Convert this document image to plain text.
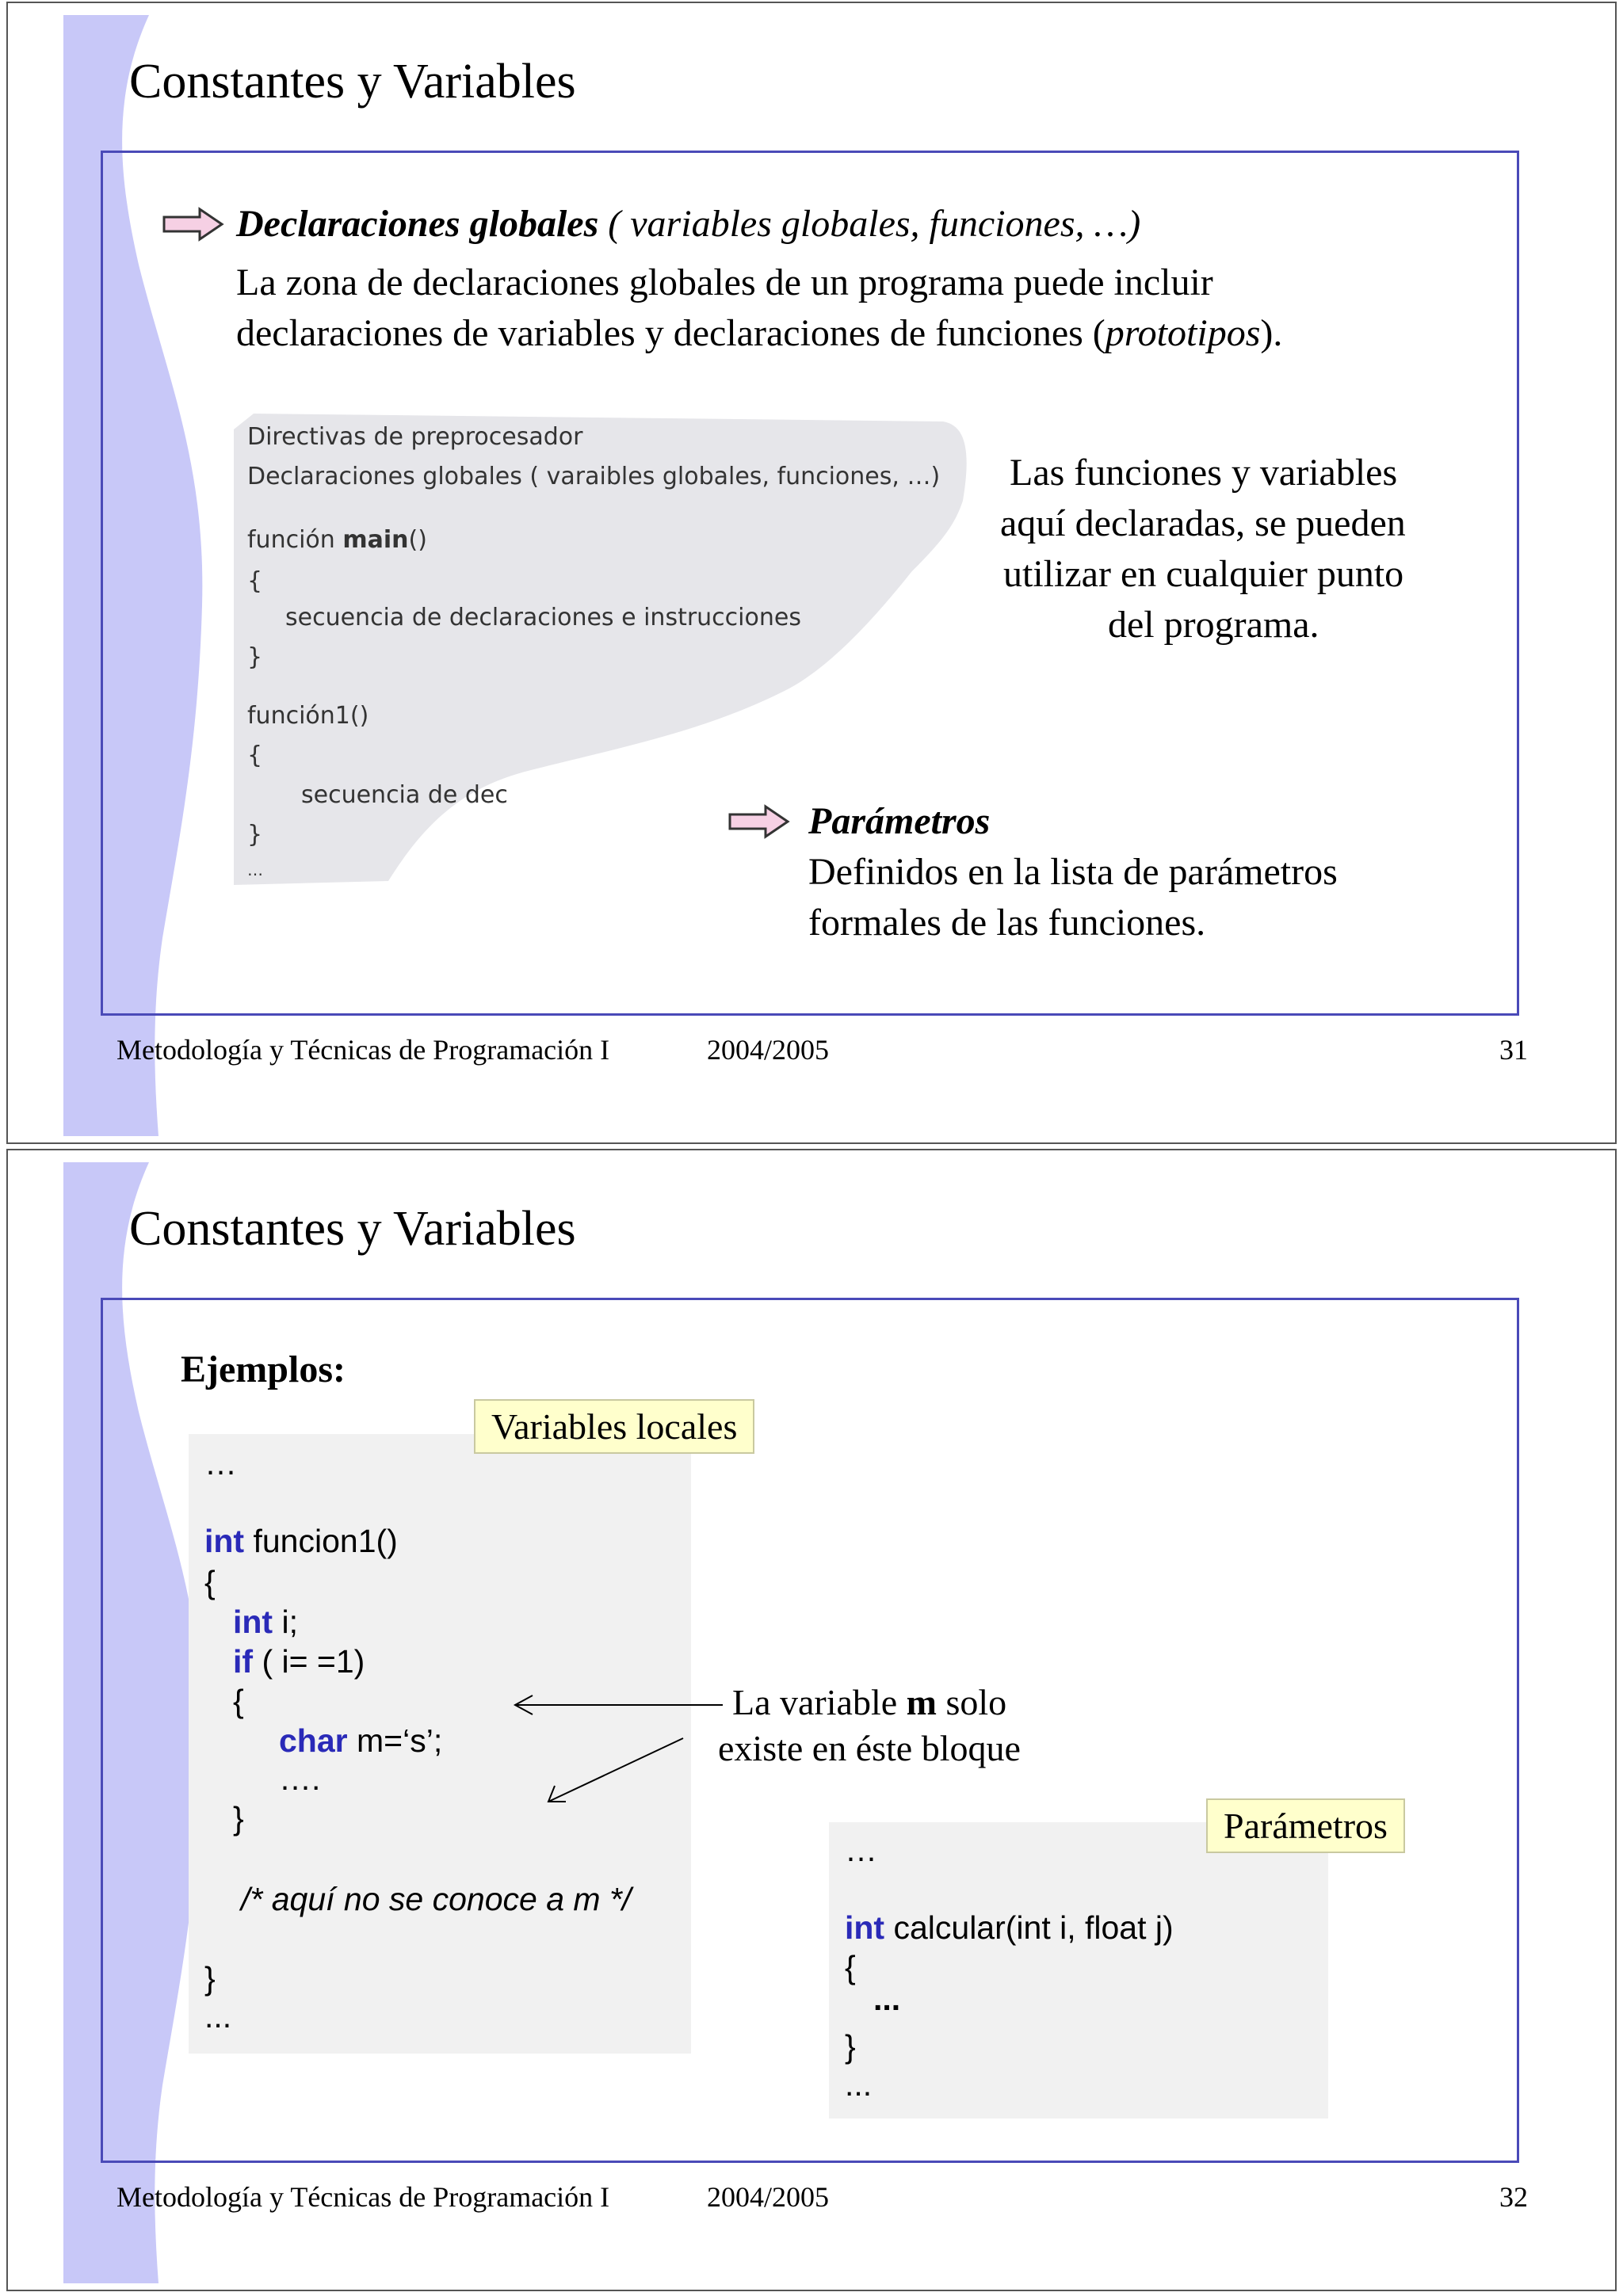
Constantes y Variables
Declaraciones globales ( variables globales, funciones, …)
La zona de declaraciones globales de un programa puede incluir
declaraciones de variables y declaraciones de funciones (prototipos).
Directivas de preprocesador
Declaraciones globales ( varaibles globales, funciones, …)
función main()
{
secuencia de declaraciones e instrucciones
}
función1()
{
secuencia de dec
}
…
Las funciones y variables
aquí declaradas, se pueden
utilizar en cualquier punto
del programa.
Parámetros
Definidos en la lista de parámetros
formales de las funciones.
Metodología y Técnicas de Programación I	2004/2005	31
Constantes y Variables
Ejemplos:
…
int funcion1()
{
int i;
if ( i= =1)
{
char m=‘s’;
….
}
/* aquí no se conoce a m */
}
...
Variables locales
La variable m solo
existe en éste bloque
…
int calcular(int i, float j)
{
...
}
...
Parámetros
Metodología y Técnicas de Programación I	2004/2005	32
